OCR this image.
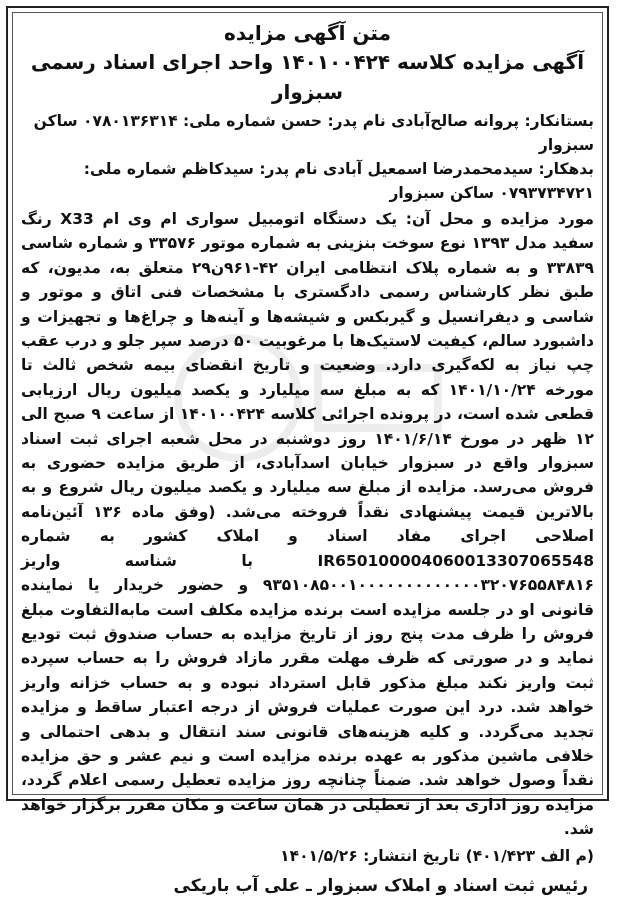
متن آگهی مزایده
آگهی مزایده کلاسه ۱۴۰۱۰۰۴۲۴ واحد اجرای اسناد رسمی سبزوار

بستانکار: پروانه صالح‌آبادی نام پدر: حسن شماره ملی: ۰۷۸۰۱۳۶۳۱۴ ساکن سبزوار

بدهکار: سیدمحمدرضا اسمعیل آبادی نام پدر: سیدکاظم شماره ملی: ۰۷۹۳۷۳۴۷۲۱ ساکن سبزوار

مورد مزایده و محل آن: یک دستگاه اتومبیل سواری ام وی ام X33 رنگ سفید مدل ۱۳۹۳ نوع سوخت بنزینی به شماره موتور ۳۳۵۷۶ و شماره شاسی ۳۳۸۳۹ و به شماره پلاک انتظامی ایران ۴۲-۹۶۱ن۲۹ متعلق به، مدیون، که طبق نظر کارشناس رسمی دادگستری با مشخصات فنی اتاق و موتور و شاسی و دیفرانسیل و گیربکس و شیشه‌ها و آینه‌ها و چراغ‌ها و تجهیزات و داشبورد سالم، کیفیت لاستیک‌ها با مرغوبیت ۵۰ درصد سپر جلو و درب عقب چپ نیاز به لکه‌گیری دارد. وضعیت و تاریخ انقضای بیمه شخص ثالث تا مورخه ۱۴۰۱/۱۰/۲۴ که به مبلغ سه میلیارد و یکصد میلیون ریال ارزیابی قطعی شده است، در پرونده اجرائی کلاسه ۱۴۰۱۰۰۴۲۴ از ساعت ۹ صبح الی ۱۲ ظهر در مورخ ۱۴۰۱/۶/۱۴ روز دوشنبه در محل شعبه اجرای ثبت اسناد سبزوار واقع در سبزوار خیابان اسدآبادی، از طریق مزایده حضوری به فروش می‌رسد. مزایده از مبلغ سه میلیارد و یکصد میلیون ریال شروع و به بالاترین قیمت پیشنهادی نقداً فروخته می‌شد. (وفق ماده ۱۳۶ آئین‌نامه اصلاحی اجرای مفاد اسناد و املاک کشور به شماره IR650100004060013307065548 با شناسه واریز ۹۳۵۱۰۸۵۰۰۱۰۰۰۰۰۰۰۰۰۰۰۰۰۳۲۰۷۶۵۵۸۴۸۱۶ و حضور خریدار یا نماینده قانونی او در جلسه مزایده است برنده مزایده مکلف است مابه‌التفاوت مبلغ فروش را ظرف مدت پنج روز از تاریخ مزایده به حساب صندوق ثبت تودیع نماید و در صورتی که ظرف مهلت مقرر مازاد فروش را به حساب سپرده ثبت واریز نکند مبلغ مذکور قابل استرداد نبوده و به حساب خزانه واریز خواهد شد. درد این صورت عملیات فروش از درجه اعتبار ساقط و مزایده تجدید می‌گردد. و کلیه هزینه‌های قانونی سند انتقال و بدهی احتمالی و خلافی ماشین مذکور به عهده برنده مزایده است و نیم عشر و حق مزایده نقداً وصول خواهد شد. ضمناً چنانچه روز مزایده تعطیل رسمی اعلام گردد، مزایده روز اداری بعد از تعطیلی در همان ساعت و مکان مقرر برگزار خواهد شد.

(م الف ۴۰۱/۴۲۳) تاریخ انتشار: ۱۴۰۱/۵/۲۶

رئیس ثبت اسناد و املاک سبزوار ـ علی آب باریکی
